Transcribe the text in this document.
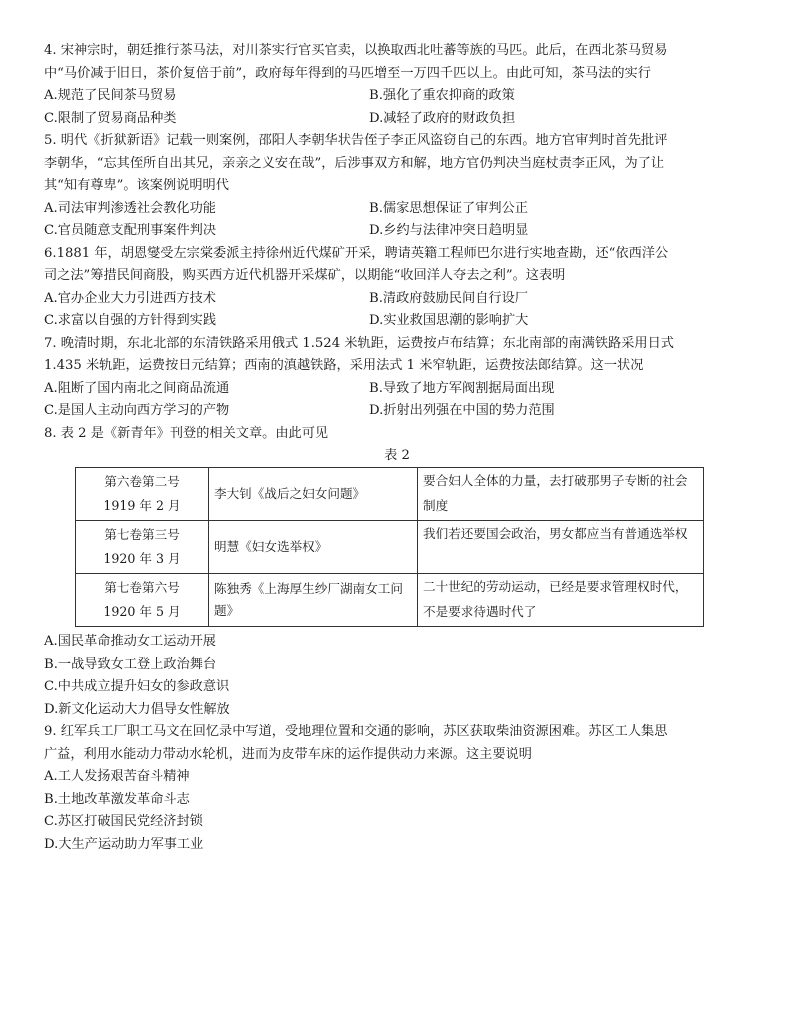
4. 宋神宗时，朝廷推行茶马法，对川茶实行官买官卖，以换取西北吐蕃等族的马匹。此后，在西北茶马贸易
中“马价减于旧日，茶价复倍于前”，政府每年得到的马匹增至一万四千匹以上。由此可知，茶马法的实行
A.规范了民间茶马贸易	B.强化了重农抑商的政策
C.限制了贸易商品种类	D.减轻了政府的财政负担
5. 明代《折狱新语》记载一则案例，邵阳人李朝华状告侄子李正风盗窃自己的东西。地方官审判时首先批评
李朝华，“忘其侄所自出其兄，亲亲之义安在哉”，后涉事双方和解，地方官仍判决当庭杖责李正风，为了让
其“知有尊卑”。该案例说明明代
A.司法审判渗透社会教化功能	B.儒家思想保证了审判公正
C.官员随意支配刑事案件判决	D.乡约与法律冲突日趋明显
6.1881 年，胡恩燮受左宗棠委派主持徐州近代煤矿开采，聘请英籍工程师巴尔进行实地查勘，还“依西洋公
司之法”筹措民间商股，购买西方近代机器开采煤矿，以期能“收回洋人夺去之利”。这表明
A.官办企业大力引进西方技术	B.清政府鼓励民间自行设厂
C.求富以自强的方针得到实践	D.实业救国思潮的影响扩大
7. 晚清时期，东北北部的东清铁路采用俄式 1.524 米轨距，运费按卢布结算；东北南部的南满铁路采用日式
1.435 米轨距，运费按日元结算；西南的滇越铁路，采用法式 1 米窄轨距，运费按法郎结算。这一状况
A.阻断了国内南北之间商品流通	B.导致了地方军阀割据局面出现
C.是国人主动向西方学习的产物	D.折射出列强在中国的势力范围
8. 表 2 是《新青年》刊登的相关文章。由此可见
表 2
第六卷第二号
1919 年 2 月	李大钊《战后之妇女问题》	要合妇人全体的力量，去打破那男子专断的社会制度

第七卷第三号
1920 年 3 月	明慧《妇女选举权》	我们若还要国会政治，男女都应当有普通选举权

第七卷第六号
1920 年 5 月	陈独秀《上海厚生纱厂湖南女工问题》	二十世纪的劳动运动，已经是要求管理权时代，不是要求待遇时代了
A.国民革命推动女工运动开展
B.一战导致女工登上政治舞台
C.中共成立提升妇女的参政意识
D.新文化运动大力倡导女性解放
9. 红军兵工厂职工马文在回忆录中写道，受地理位置和交通的影响，苏区获取柴油资源困难。苏区工人集思
广益，利用水能动力带动水轮机，进而为皮带车床的运作提供动力来源。这主要说明
A.工人发扬艰苦奋斗精神
B.土地改革激发革命斗志
C.苏区打破国民党经济封锁
D.大生产运动助力军事工业
